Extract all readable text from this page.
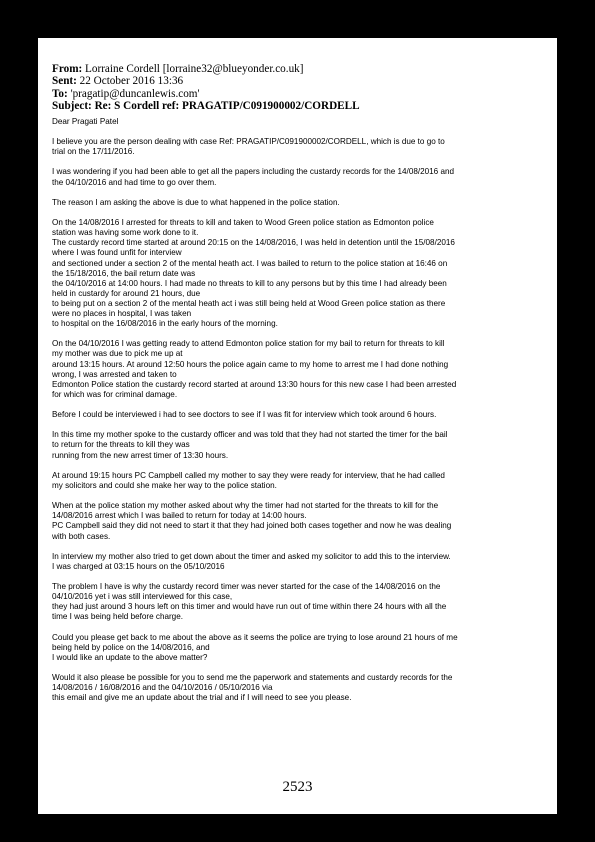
From: Lorraine Cordell [lorraine32@blueyonder.co.uk]
Sent: 22 October 2016 13:36
To: 'pragatip@duncanlewis.com'
Subject: Re: S Cordell ref: PRAGATIP/C091900002/CORDELL
Dear Pragati Patel

I believe you are the person dealing with case Ref: PRAGATIP/C091900002/CORDELL, which is due to go to
trial on the 17/11/2016.

I was wondering if you had been able to get all the papers including the custardy records for the 14/08/2016 and
the 04/10/2016 and had time to go over them.

The reason I am asking the above is due to what happened in the police station.

On the 14/08/2016 I arrested for threats to kill and taken to Wood Green police station as Edmonton police
station was having some work done to it.
The custardy record time started at around 20:15 on the 14/08/2016, I was held in detention until the 15/08/2016
where I was found unfit for interview
and sectioned under a section 2 of the mental heath act. I was bailed to return to the police station at 16:46 on
the 15/18/2016, the bail return date was
the 04/10/2016 at 14:00 hours. I had made no threats to kill to any persons but by this time I had already been
held in custardy for around 21 hours, due
to being put on a section 2 of the mental heath act i was still being held at Wood Green police station as there
were no places in hospital, I was taken
to hospital on the 16/08/2016 in the early hours of the morning.

On the 04/10/2016 I was getting ready to attend Edmonton police station for my bail to return for threats to kill
my mother was due to pick me up at
around 13:15 hours. At around 12:50 hours the police again came to my home to arrest me I had done nothing
wrong, I was arrested and taken to
Edmonton Police station the custardy record started at around 13:30 hours for this new case I had been arrested
for which was for criminal damage.

Before I could be interviewed i had to see doctors to see if I was fit for interview which took around 6 hours.

In this time my mother spoke to the custardy officer and was told that they had not started the timer for the bail
to return for the threats to kill they was
running from the new arrest timer of 13:30 hours.

At around 19:15 hours PC Campbell called my mother to say they were ready for interview, that he had called
my solicitors and could she make her way to the police station.

When at the police station my mother asked about why the timer had not started for the threats to kill for the
14/08/2016 arrest which I was bailed to return for today at 14:00 hours.
PC Campbell said they did not need to start it that they had joined both cases together and now he was dealing
with both cases.

In interview my mother also tried to get down about the timer and asked my solicitor to add this to the interview.
I was charged at 03:15 hours on the 05/10/2016

The problem I have is why the custardy record timer was never started for the case of the 14/08/2016 on the
04/10/2016 yet i was still interviewed for this case,
they had just around 3 hours left on this timer and would have run out of time within there 24 hours with all the
time I was being held before charge.

Could you please get back to me about the above as it seems the police are trying to lose around 21 hours of me
being held by police on the 14/08/2016, and
I would like an update to the above matter?

Would it also please be possible for you to send me the paperwork and statements and custardy records for the
14/08/2016 / 16/08/2016 and the 04/10/2016 / 05/10/2016 via
this email and give me an update about the trial and if I will need to see you please.

2523
